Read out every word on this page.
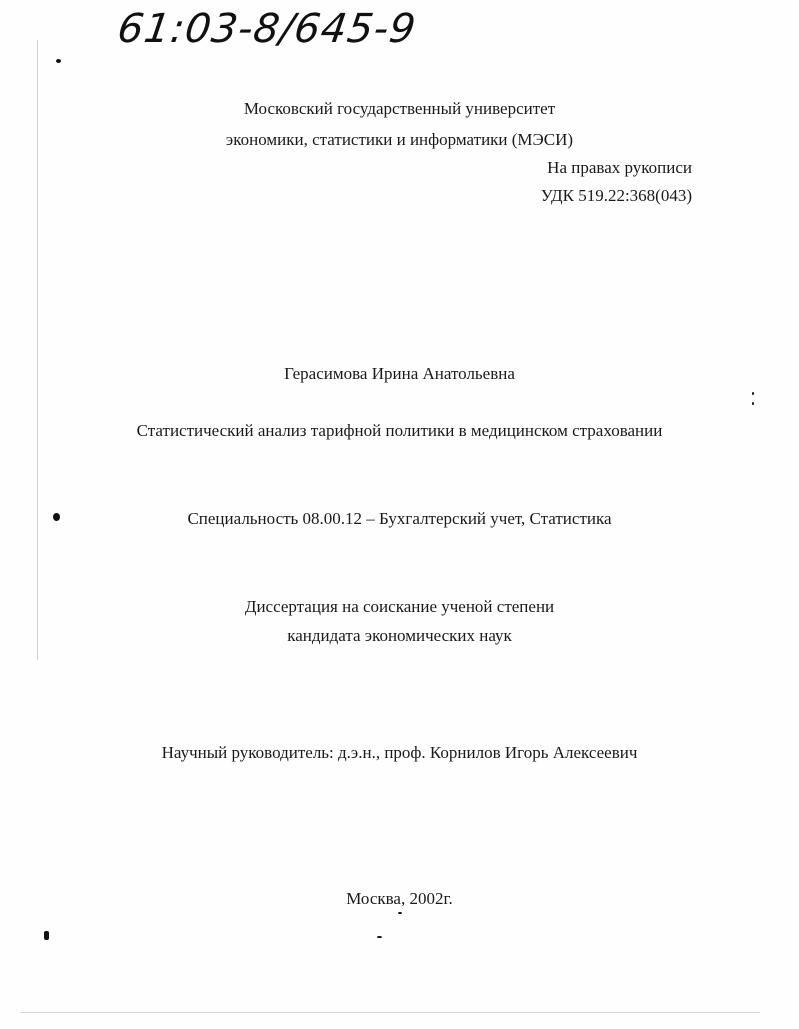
61:03-8/645-9
Московский государственный университет
экономики, статистики и информатики (МЭСИ)
На правах рукописи
УДК 519.22:368(043)
Герасимова Ирина Анатольевна
Статистический анализ тарифной политики в медицинском страховании
Специальность 08.00.12 – Бухгалтерский учет, Статистика
Диссертация на соискание ученой степени
кандидата экономических наук
Научный руководитель: д.э.н., проф. Корнилов Игорь Алексеевич
Москва, 2002г.
